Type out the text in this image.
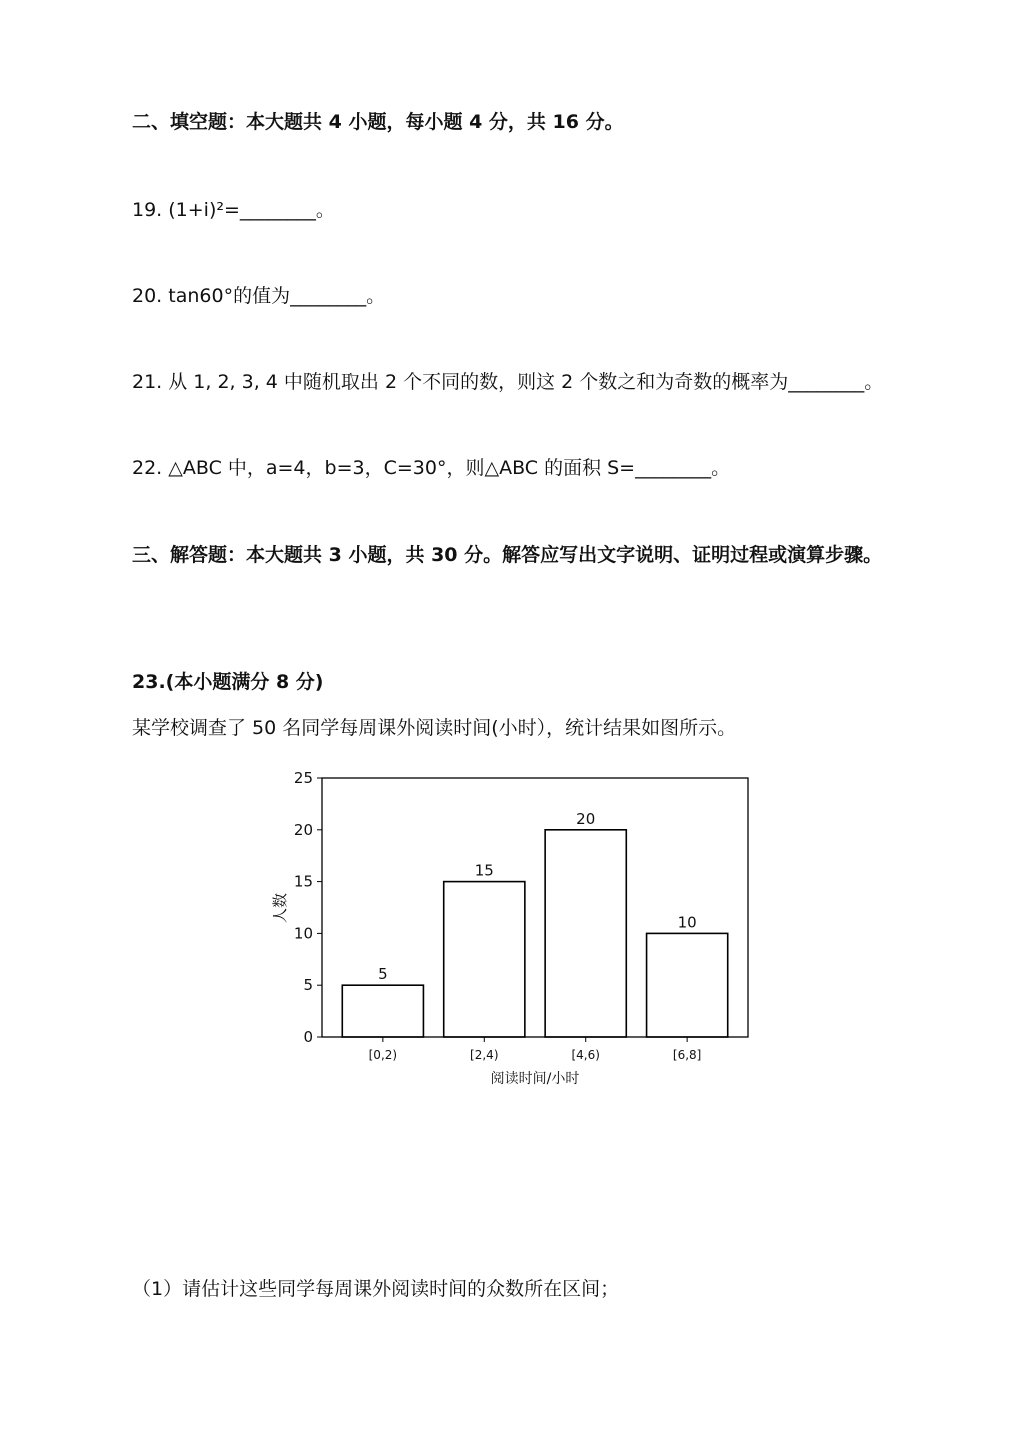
二、填空题：本大题共 4 小题，每小题 4 分，共 16 分。
19. (1+i)²=________。
20. tan60°的值为________。
21. 从 1, 2, 3, 4 中随机取出 2 个不同的数，则这 2 个数之和为奇数的概率为________。
22. △ABC 中，a=4，b=3，C=30°，则△ABC 的面积 S=________。
三、解答题：本大题共 3 小题，共 30 分。解答应写出文字说明、证明过程或演算步骤。
23.(本小题满分 8 分)
某学校调查了 50 名同学每周课外阅读时间(小时），统计结果如图所示。
5
15
20
10
0
5
10
15
20
25
[0,2)	[2,4)	[4,6)	[6,8]
人数
阅读时间/小时
（1）请估计这些同学每周课外阅读时间的众数所在区间；
